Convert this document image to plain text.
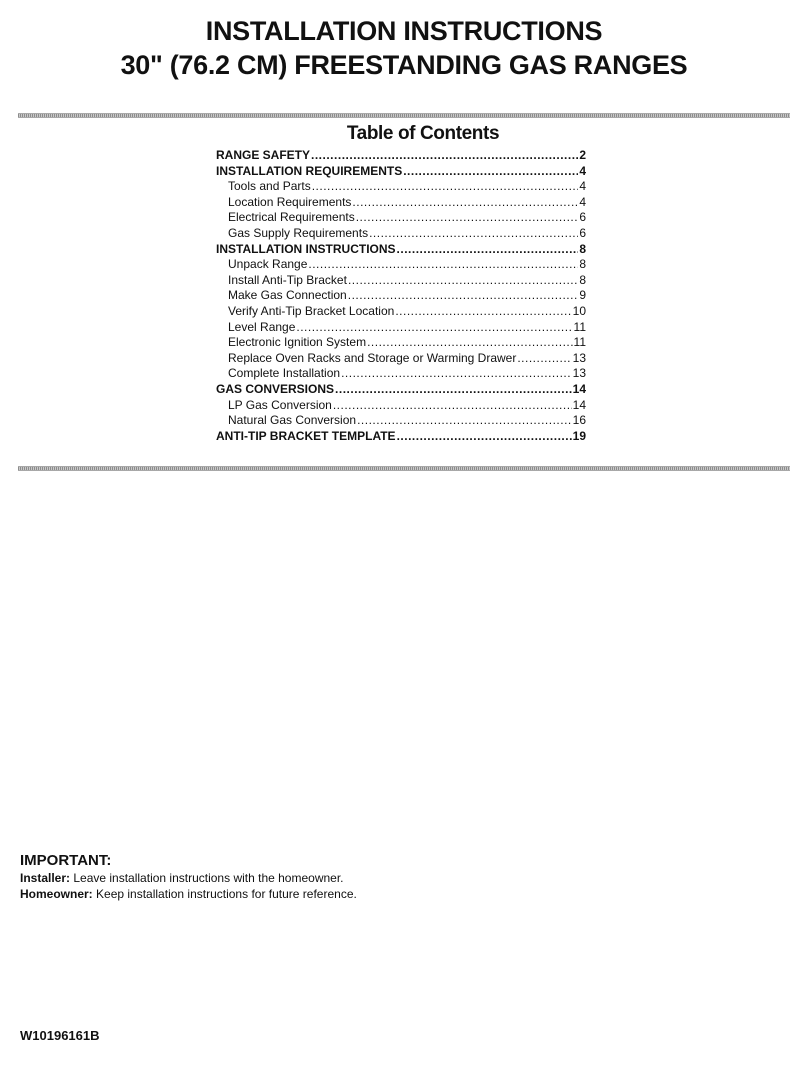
INSTALLATION INSTRUCTIONS
30" (76.2 CM) FREESTANDING GAS RANGES
Table of Contents
RANGE SAFETY .....	2
INSTALLATION REQUIREMENTS .....	4
Tools and Parts .....	4
Location Requirements .....	4
Electrical Requirements .....	6
Gas Supply Requirements .....	6
INSTALLATION INSTRUCTIONS .....	8
Unpack Range .....	8
Install Anti-Tip Bracket .....	8
Make Gas Connection .....	9
Verify Anti-Tip Bracket Location .....	10
Level Range .....	11
Electronic Ignition System .....	11
Replace Oven Racks and Storage or Warming Drawer .....	13
Complete Installation .....	13
GAS CONVERSIONS .....	14
LP Gas Conversion .....	14
Natural Gas Conversion .....	16
ANTI-TIP BRACKET TEMPLATE .....	19
IMPORTANT:
Installer: Leave installation instructions with the homeowner.
Homeowner: Keep installation instructions for future reference.
W10196161B
